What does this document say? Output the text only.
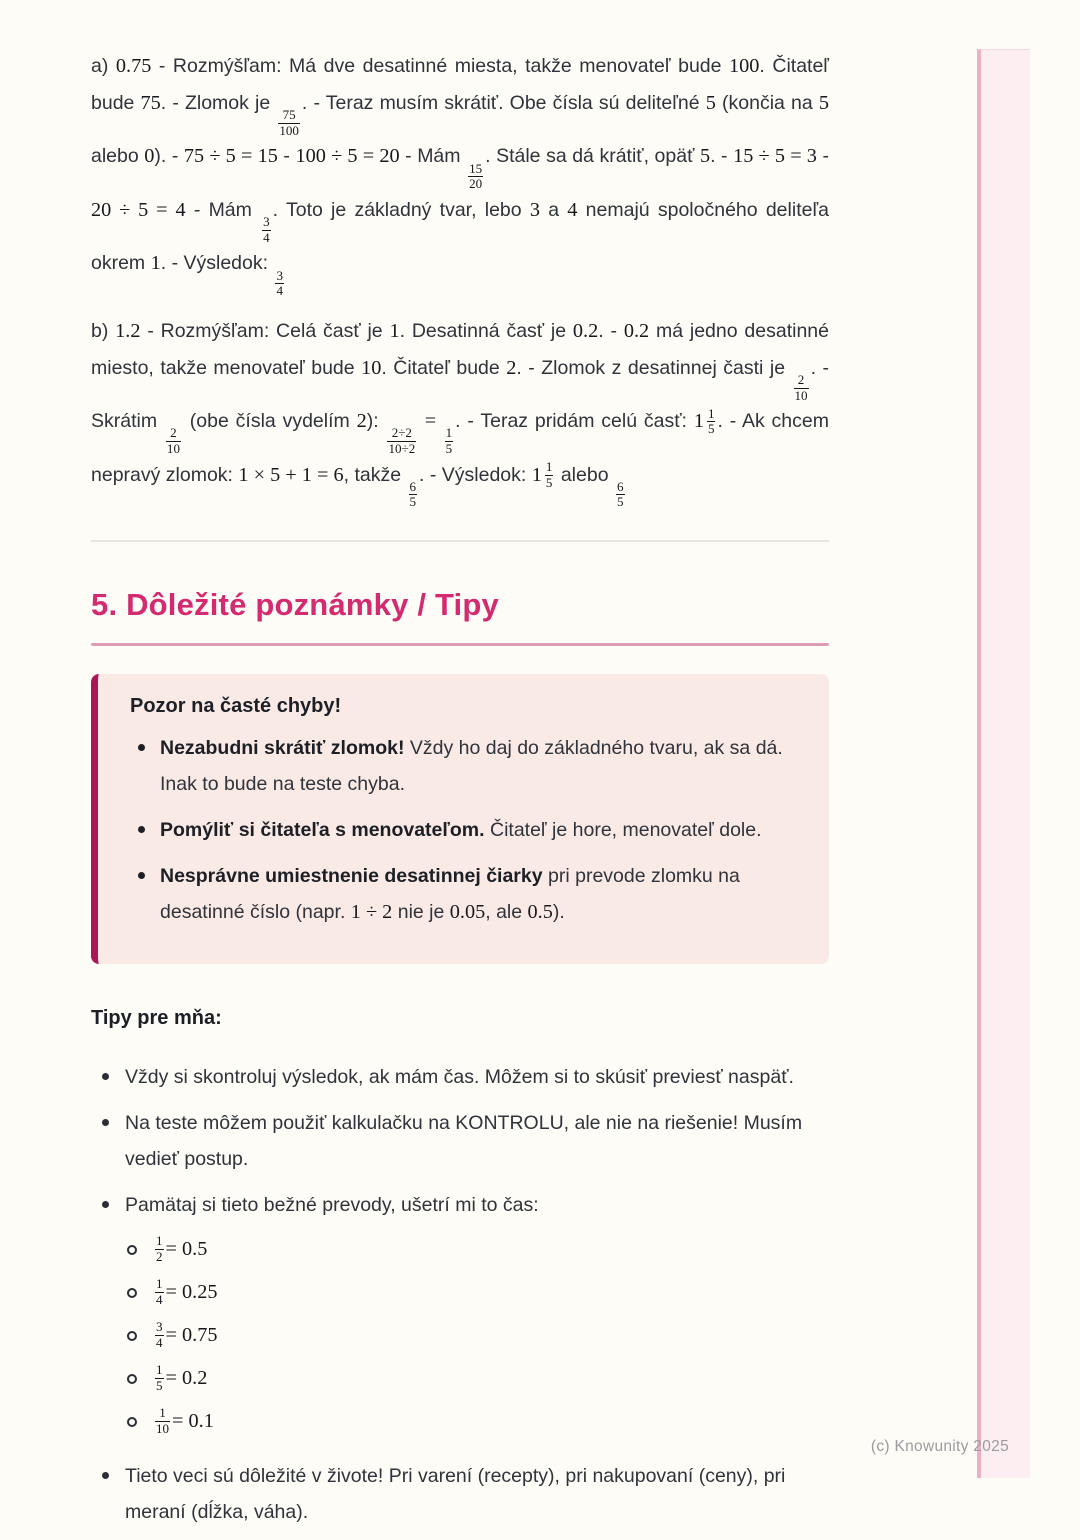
a) 0.75 - Rozmýšľam: Má dve desatinné miesta, takže menovateľ bude 100. Čitateľ bude 75. - Zlomok je
$\frac{75}{100}$
. - Teraz musím skrátiť. Obe čísla sú deliteľné 5 (končia na 5 alebo 0). - 75 ÷ 5 = 15 - 100 ÷ 5 = 20 - Mám
$\frac{15}{20}$
. Stále sa dá krátiť, opäť 5. - 15 ÷ 5 = 3 - 20 ÷ 5 = 4 - Mám
$\frac{3}{4}$
. Toto je základný tvar, lebo 3 a 4 nemajú spoločného deliteľa okrem 1. - Výsledok:
$\frac{3}{4}$

b) 1.2 - Rozmýšľam: Celá časť je 1. Desatinná časť je 0.2. - 0.2 má jedno desatinné miesto, takže menovateľ bude 10. Čitateľ bude 2. - Zlomok z desatinnej časti je
$\frac{2}{10}$
. - Skrátim
$\frac{2}{10}$
(obe čísla vydelím 2):
$\frac{2\div 2}{10\div 2}$
=
$\frac{1}{5}$
. - Teraz pridám celú časť: $1 \frac{1}{5}$ . - Ak chcem nepravý zlomok: 1 × 5 + 1 = 6, takže
$\frac{6}{5}$
. - Výsledok: $1 \frac{1}{5}$ alebo
$\frac{6}{5}$

5. Dôležité poznámky / Tipy

Pozor na časté chyby!

Nezabudni skrátiť zlomok! Vždy ho daj do základného tvaru, ak sa dá. Inak to bude na teste chyba.
Pomýliť si čitateľa s menovateľom. Čitateľ je hore, menovateľ dole.
Nesprávne umiestnenie desatinnej čiarky pri prevode zlomku na desatinné číslo (napr. 1 ÷ 2 nie je 0.05, ale 0.5).

Tipy pre mňa:

Vždy si skontroluj výsledok, ak mám čas. Môžem si to skúsiť previesť naspäť.
Na teste môžem použiť kalkulačku na KONTROLU, ale nie na riešenie! Musím vedieť postup.
Pamätaj si tieto bežné prevody, ušetrí mi to čas:
$\frac{1}{2} = 0.5$
$\frac{1}{4} = 0.25$
$\frac{3}{4} = 0.75$
$\frac{1}{5} = 0.2$
$\frac{1}{10} = 0.1$
Tieto veci sú dôležité v živote! Pri varení (recepty), pri nakupovaní (ceny), pri meraní (dĺžka, váha).
(c) Knowunity 2025
